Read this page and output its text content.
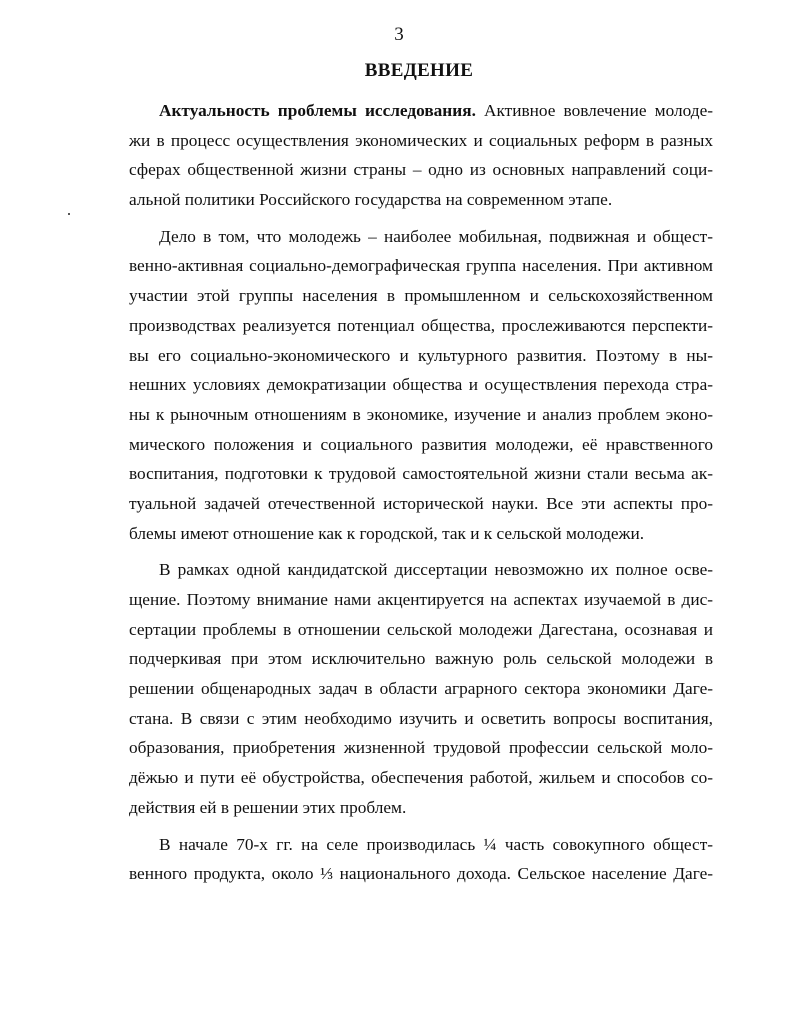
3
ВВЕДЕНИЕ

Актуальность проблемы исследования. Активное вовлечение молоде-
жи в процесс осуществления экономических и социальных реформ в разных
сферах общественной жизни страны – одно из основных направлений соци-
альной политики Российского государства на современном этапе.

Дело в том, что молодежь – наиболее мобильная, подвижная и общест-
венно-активная социально-демографическая группа населения. При активном
участии этой группы населения в промышленном и сельскохозяйственном
производствах реализуется потенциал общества, прослеживаются перспекти-
вы его социально-экономического и культурного развития. Поэтому в ны-
нешних условиях демократизации общества и осуществления перехода стра-
ны к рыночным отношениям в экономике, изучение и анализ проблем эконо-
мического положения и социального развития молодежи, её нравственного
воспитания, подготовки к трудовой самостоятельной жизни стали весьма ак-
туальной задачей отечественной исторической науки. Все эти аспекты про-
блемы имеют отношение как к городской, так и к сельской молодежи.

В рамках одной кандидатской диссертации невозможно их полное осве-
щение. Поэтому внимание нами акцентируется на аспектах изучаемой в дис-
сертации проблемы в отношении сельской молодежи Дагестана, осознавая и
подчеркивая при этом исключительно важную роль сельской молодежи в
решении общенародных задач в области аграрного сектора экономики Даге-
стана. В связи с этим необходимо изучить и осветить вопросы воспитания,
образования, приобретения жизненной трудовой профессии сельской моло-
дёжью и пути её обустройства, обеспечения работой, жильем и способов со-
действия ей в решении этих проблем.

В начале 70-х гг. на селе производилась ¼ часть совокупного общест-
венного продукта, около ⅓ национального дохода. Сельское население Даге-
